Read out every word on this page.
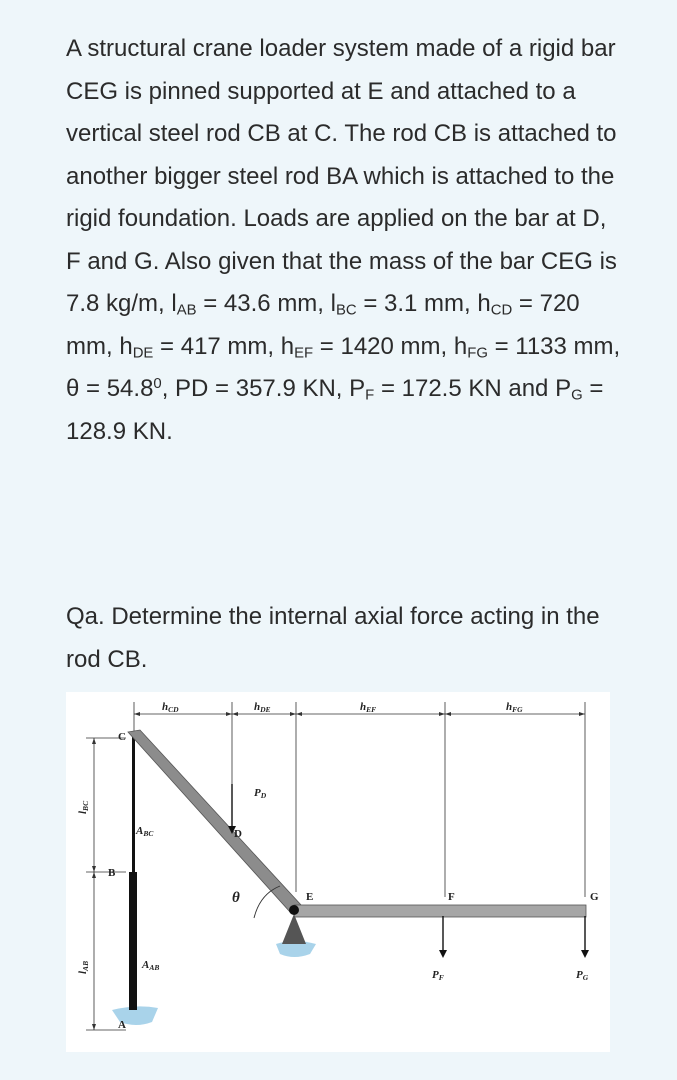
A structural crane loader system made of a rigid bar CEG is pinned supported at E and attached to a vertical steel rod CB at C. The rod CB is attached to another bigger steel rod BA which is attached to the rigid foundation. Loads are applied on the bar at D, F and G. Also given that the mass of the bar CEG is 7.8 kg/m, $l_{AB} = 43.6$ mm, $l_{BC} = 3.1$ mm, $h_{CD} = 720$ mm, $h_{DE} = 417$ mm, $h_{EF} = 1420$ mm, $h_{FG} = 1133$ mm, $\theta = 54.8^0$, PD = 357.9 KN, $P_F = 172.5$ KN and $P_G = 128.9$ KN.

Qa. Determine the internal axial force acting in the rod CB.
hCD	hDE	hEF	hFG
lBC
lAB
θ
C
B
A
D
E	F	G
ABC
AAB
PD
PF	PG
